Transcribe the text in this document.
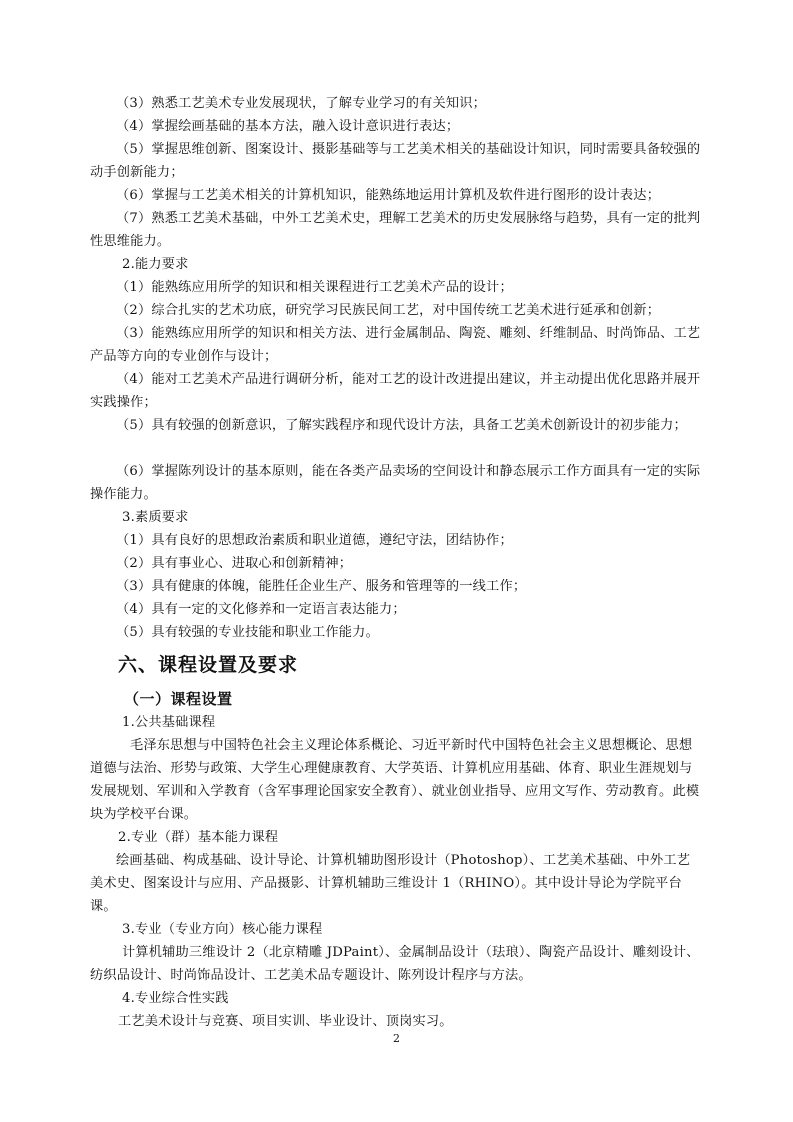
（3）熟悉工艺美术专业发展现状，了解专业学习的有关知识；

（4）掌握绘画基础的基本方法，融入设计意识进行表达；

（5）掌握思维创新、图案设计、摄影基础等与工艺美术相关的基础设计知识，同时需要具备较强的动手创新能力；

（6）掌握与工艺美术相关的计算机知识，能熟练地运用计算机及软件进行图形的设计表达；

（7）熟悉工艺美术基础，中外工艺美术史，理解工艺美术的历史发展脉络与趋势，具有一定的批判性思维能力。

2.能力要求

（1）能熟练应用所学的知识和相关课程进行工艺美术产品的设计；

（2）综合扎实的艺术功底，研究学习民族民间工艺，对中国传统工艺美术进行延承和创新；

（3）能熟练应用所学的知识和相关方法、进行金属制品、陶瓷、雕刻、纤维制品、时尚饰品、工艺产品等方向的专业创作与设计；

（4）能对工艺美术产品进行调研分析，能对工艺的设计改进提出建议，并主动提出优化思路并展开实践操作；

（5）具有较强的创新意识，了解实践程序和现代设计方法，具备工艺美术创新设计的初步能力；

（6）掌握陈列设计的基本原则，能在各类产品卖场的空间设计和静态展示工作方面具有一定的实际操作能力。

3.素质要求

（1）具有良好的思想政治素质和职业道德，遵纪守法，团结协作；

（2）具有事业心、进取心和创新精神；

（3）具有健康的体魄，能胜任企业生产、服务和管理等的一线工作；

（4）具有一定的文化修养和一定语言表达能力；

（5）具有较强的专业技能和职业工作能力。

六、课程设置及要求
（一）课程设置

1.公共基础课程

毛泽东思想与中国特色社会主义理论体系概论、习近平新时代中国特色社会主义思想概论、思想道德与法治、形势与政策、大学生心理健康教育、大学英语、计算机应用基础、体育、职业生涯规划与发展规划、军训和入学教育（含军事理论国家安全教育）、就业创业指导、应用文写作、劳动教育。此模块为学校平台课。

2.专业（群）基本能力课程

绘画基础、构成基础、设计导论、计算机辅助图形设计（Photoshop）、工艺美术基础、中外工艺美术史、图案设计与应用、产品摄影、计算机辅助三维设计 1（RHINO）。其中设计导论为学院平台课。

3.专业（专业方向）核心能力课程

计算机辅助三维设计 2（北京精雕 JDPaint）、金属制品设计（珐琅）、陶瓷产品设计、雕刻设计、纺织品设计、时尚饰品设计、工艺美术品专题设计、陈列设计程序与方法。

4.专业综合性实践

工艺美术设计与竞赛、项目实训、毕业设计、顶岗实习。

2
